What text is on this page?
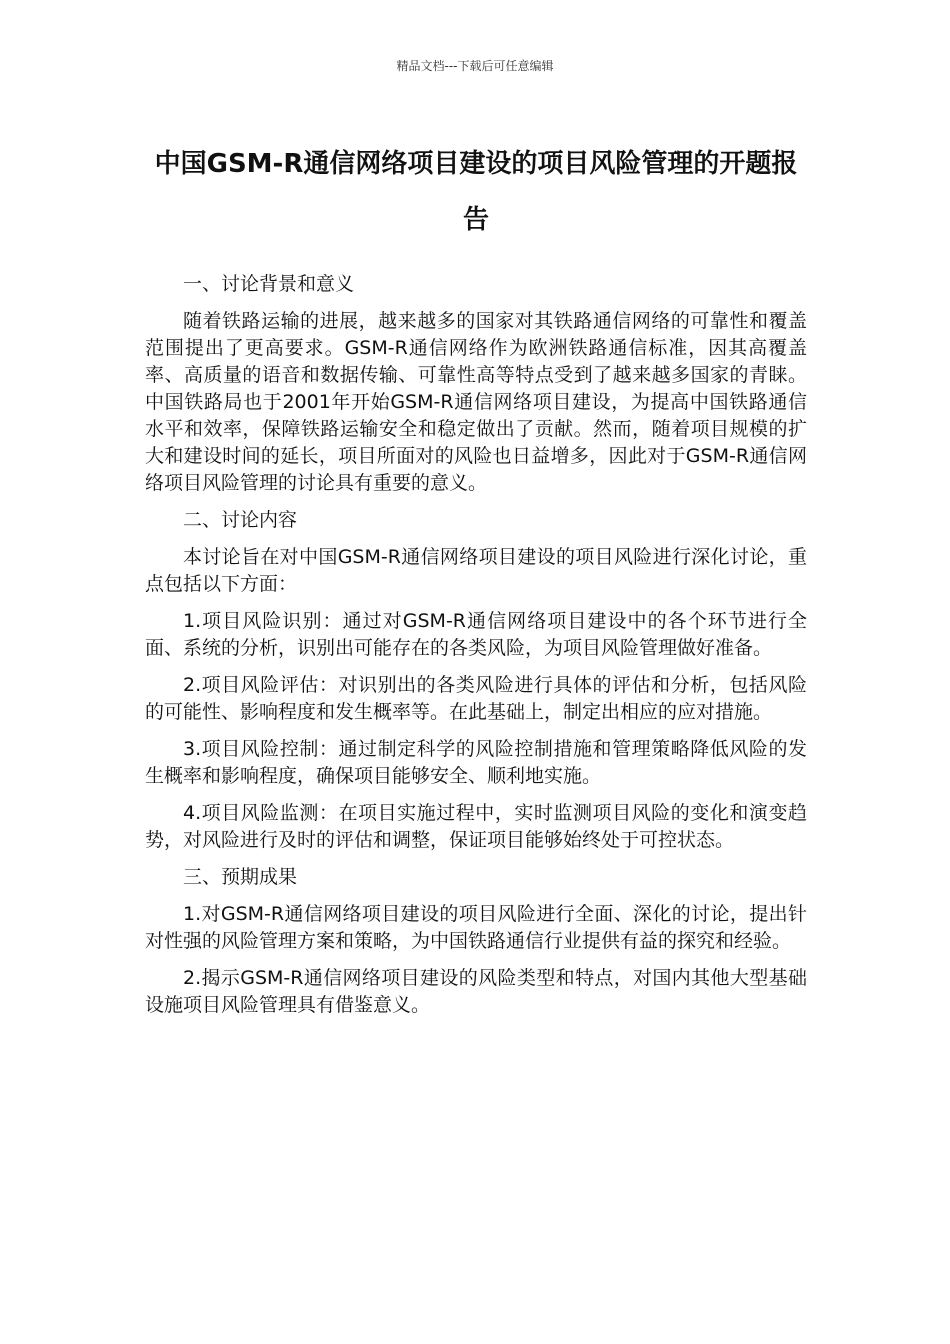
精品文档---下载后可任意编辑
中国GSM-R通信网络项目建设的项目风险管理的开题报告

一、讨论背景和意义

随着铁路运输的进展，越来越多的国家对其铁路通信网络的可靠性和覆盖范围提出了更高要求。GSM-R通信网络作为欧洲铁路通信标准，因其高覆盖率、高质量的语音和数据传输、可靠性高等特点受到了越来越多国家的青睐。中国铁路局也于2001年开始GSM-R通信网络项目建设，为提高中国铁路通信水平和效率，保障铁路运输安全和稳定做出了贡献。然而，随着项目规模的扩大和建设时间的延长，项目所面对的风险也日益增多，因此对于GSM-R通信网络项目风险管理的讨论具有重要的意义。

二、讨论内容

本讨论旨在对中国GSM-R通信网络项目建设的项目风险进行深化讨论，重点包括以下方面：

1.项目风险识别：通过对GSM-R通信网络项目建设中的各个环节进行全面、系统的分析，识别出可能存在的各类风险，为项目风险管理做好准备。

2.项目风险评估：对识别出的各类风险进行具体的评估和分析，包括风险的可能性、影响程度和发生概率等。在此基础上，制定出相应的应对措施。

3.项目风险控制：通过制定科学的风险控制措施和管理策略降低风险的发生概率和影响程度，确保项目能够安全、顺利地实施。

4.项目风险监测：在项目实施过程中，实时监测项目风险的变化和演变趋势，对风险进行及时的评估和调整，保证项目能够始终处于可控状态。

三、预期成果

1.对GSM-R通信网络项目建设的项目风险进行全面、深化的讨论，提出针对性强的风险管理方案和策略，为中国铁路通信行业提供有益的探究和经验。

2.揭示GSM-R通信网络项目建设的风险类型和特点，对国内其他大型基础设施项目风险管理具有借鉴意义。
